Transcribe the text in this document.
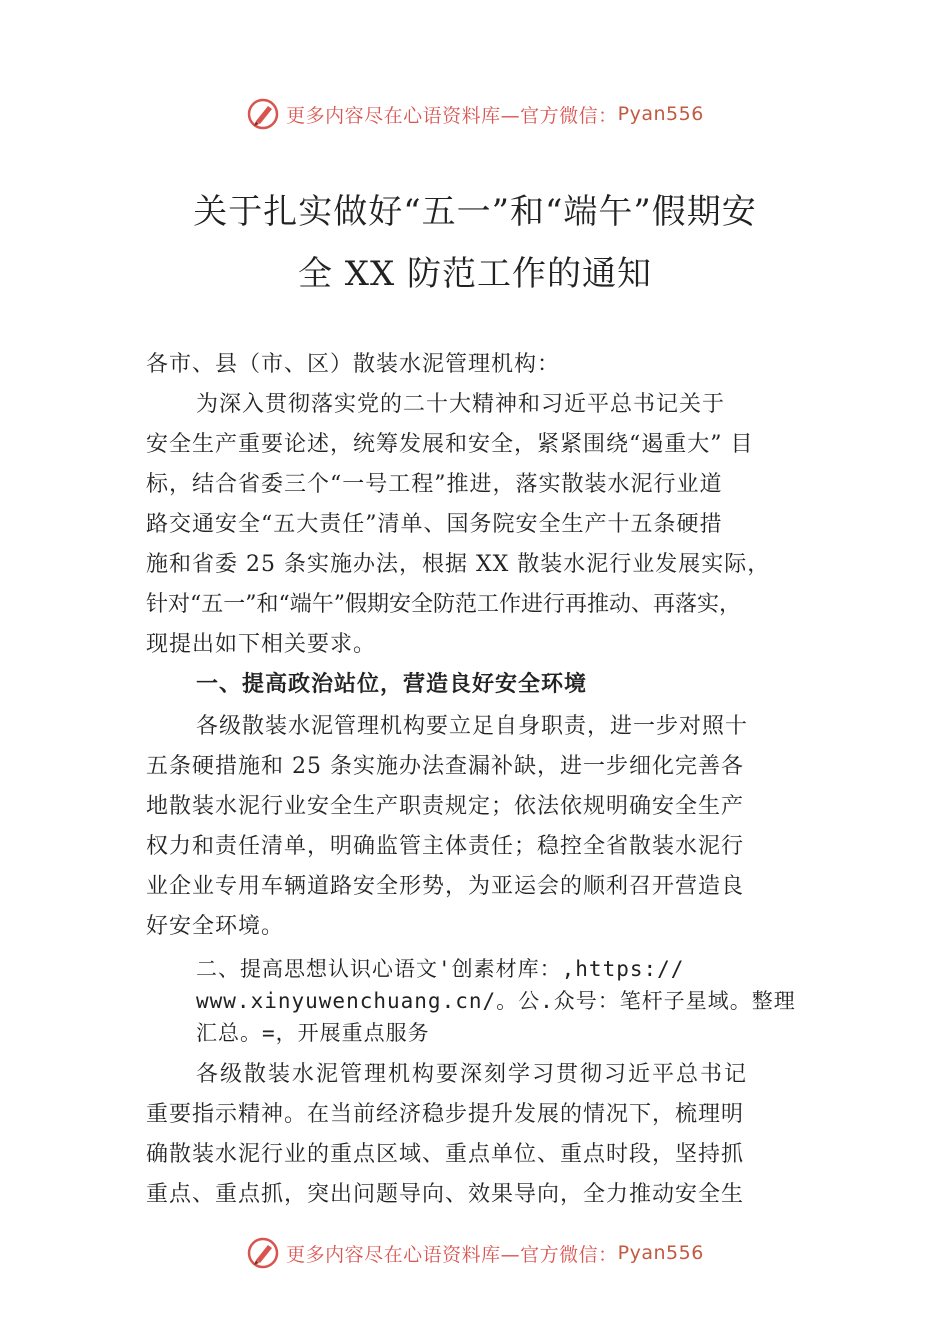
更多内容尽在心语资料库—官方微信： Pyan556
关于扎实做好“五一”和“端午”假期安
全 XX 防范工作的通知
各市、县（市、区）散装水泥管理机构：
为深入贯彻落实党的二十大精神和习近平总书记关于
安全生产重要论述，统筹发展和安全，紧紧围绕“遏重大” 目
标，结合省委三个“一号工程”推进，落实散装水泥行业道
路交通安全“五大责任”清单、国务院安全生产十五条硬措
施和省委 25 条实施办法，根据 XX 散装水泥行业发展实际，
针对“五一”和“端午”假期安全防范工作进行再推动、再落实，
现提出如下相关要求。
一、提高政治站位，营造良好安全环境
各级散装水泥管理机构要立足自身职责，进一步对照十
五条硬措施和 25 条实施办法查漏补缺，进一步细化完善各
地散装水泥行业安全生产职责规定；依法依规明确安全生产
权力和责任清单，明确监管主体责任；稳控全省散装水泥行
业企业专用车辆道路安全形势，为亚运会的顺利召开营造良
好安全环境。
二、提高思想认识心语文'创素材库：,https://
www.xinyuwenchuang.cn/。公.众号：笔杆子星域。整理
汇总。=，开展重点服务
各级散装水泥管理机构要深刻学习贯彻习近平总书记
重要指示精神。在当前经济稳步提升发展的情况下，梳理明
确散装水泥行业的重点区域、重点单位、重点时段，坚持抓
重点、重点抓，突出问题导向、效果导向，全力推动安全生
更多内容尽在心语资料库—官方微信： Pyan556
